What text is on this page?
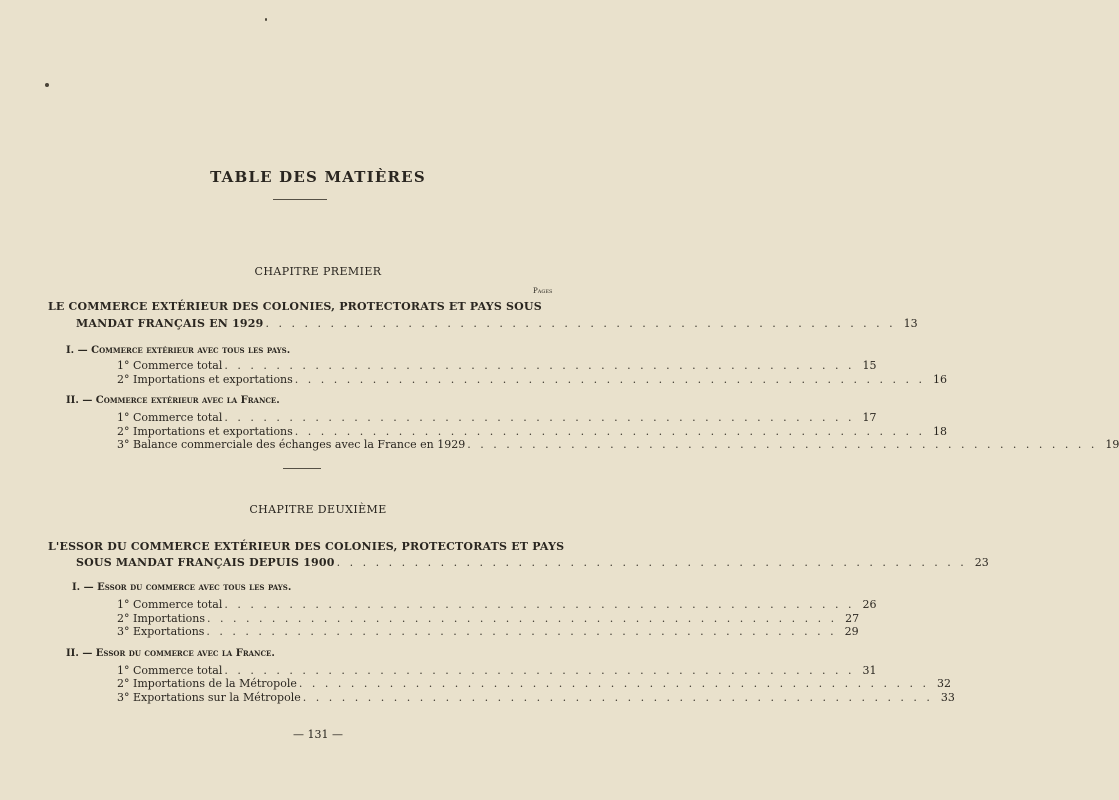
TABLE DES MATIÈRES
CHAPITRE PREMIER
Pages
LE COMMERCE EXTÉRIEUR DES COLONIES, PROTECTORATS ET PAYS SOUS
MANDAT FRANÇAIS EN 1929 . . . . . . . . . . . . . . . . . . . . . . . . . . . . . . . . . . . . . . . . . . . . . . . . . 13
I. — Commerce extérieur avec tous les pays.
1° Commerce total . . . . . . . . . . . . . . . . . . . . . . . . . . . . . . . . . . . . . . . . . . . . . . . . . 15
2° Importations et exportations . . . . . . . . . . . . . . . . . . . . . . . . . . . . . . . . . . . . . . . . . . . . . . . . . 16
II. — Commerce extérieur avec la France.
1° Commerce total . . . . . . . . . . . . . . . . . . . . . . . . . . . . . . . . . . . . . . . . . . . . . . . . . 17
2° Importations et exportations . . . . . . . . . . . . . . . . . . . . . . . . . . . . . . . . . . . . . . . . . . . . . . . . . 18
3° Balance commerciale des échanges avec la France en 1929 . . . . . . . . . . . . . . . . . . . . . . . . . . . . . . . . . . . . . . . . . . . . . . . . . 19
CHAPITRE DEUXIÈME
L'ESSOR DU COMMERCE EXTÉRIEUR DES COLONIES, PROTECTORATS ET PAYS
SOUS MANDAT FRANÇAIS DEPUIS 1900 . . . . . . . . . . . . . . . . . . . . . . . . . . . . . . . . . . . . . . . . . . . . . . . . . 23
I. — Essor du commerce avec tous les pays.
1° Commerce total . . . . . . . . . . . . . . . . . . . . . . . . . . . . . . . . . . . . . . . . . . . . . . . . . 26
2° Importations . . . . . . . . . . . . . . . . . . . . . . . . . . . . . . . . . . . . . . . . . . . . . . . . . 27
3° Exportations . . . . . . . . . . . . . . . . . . . . . . . . . . . . . . . . . . . . . . . . . . . . . . . . . 29
II. — Essor du commerce avec la France.
1° Commerce total . . . . . . . . . . . . . . . . . . . . . . . . . . . . . . . . . . . . . . . . . . . . . . . . . 31
2° Importations de la Métropole . . . . . . . . . . . . . . . . . . . . . . . . . . . . . . . . . . . . . . . . . . . . . . . . . 32
3° Exportations sur la Métropole . . . . . . . . . . . . . . . . . . . . . . . . . . . . . . . . . . . . . . . . . . . . . . . . . 33
— 131 —
